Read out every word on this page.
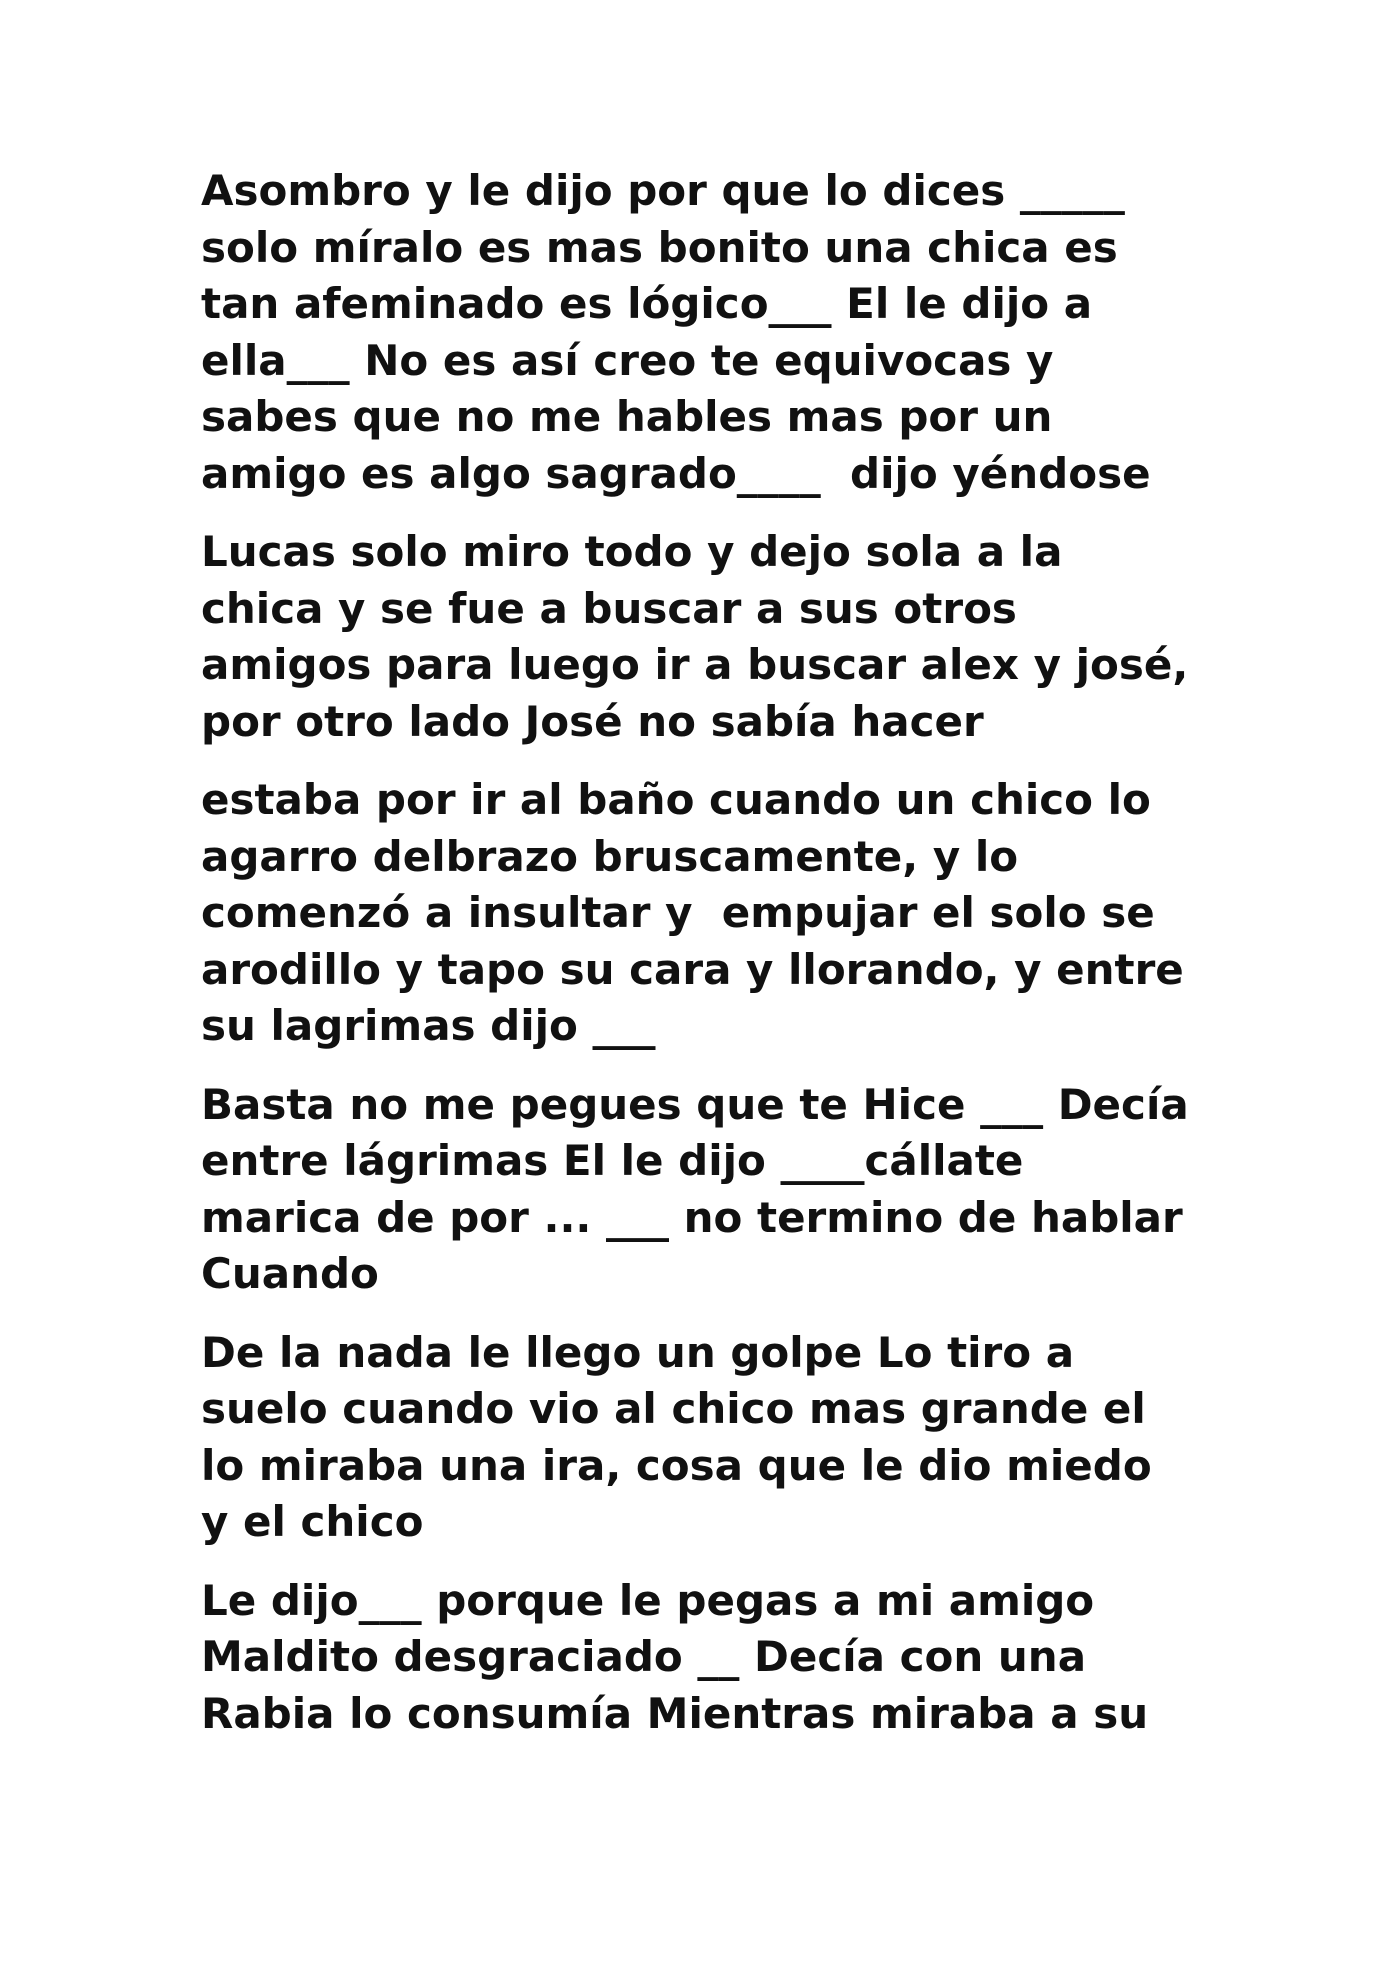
Asombro y le dijo por que lo dices _____
solo míralo es mas bonito una chica es
tan afeminado es lógico___ El le dijo a
ella___ No es así creo te equivocas y
sabes que no me hables mas por un
amigo es algo sagrado____  dijo yéndose

Lucas solo miro todo y dejo sola a la
chica y se fue a buscar a sus otros
amigos para luego ir a buscar alex y josé,
por otro lado José no sabía hacer

estaba por ir al baño cuando un chico lo
agarro delbrazo bruscamente, y lo
comenzó a insultar y  empujar el solo se
arodillo y tapo su cara y llorando, y entre
su lagrimas dijo ___

Basta no me pegues que te Hice ___ Decía
entre lágrimas El le dijo ____cállate
marica de por ... ___ no termino de hablar
Cuando

De la nada le llego un golpe Lo tiro a
suelo cuando vio al chico mas grande el
lo miraba una ira, cosa que le dio miedo
y el chico

Le dijo___ porque le pegas a mi amigo
Maldito desgraciado __ Decía con una
Rabia lo consumía Mientras miraba a su
